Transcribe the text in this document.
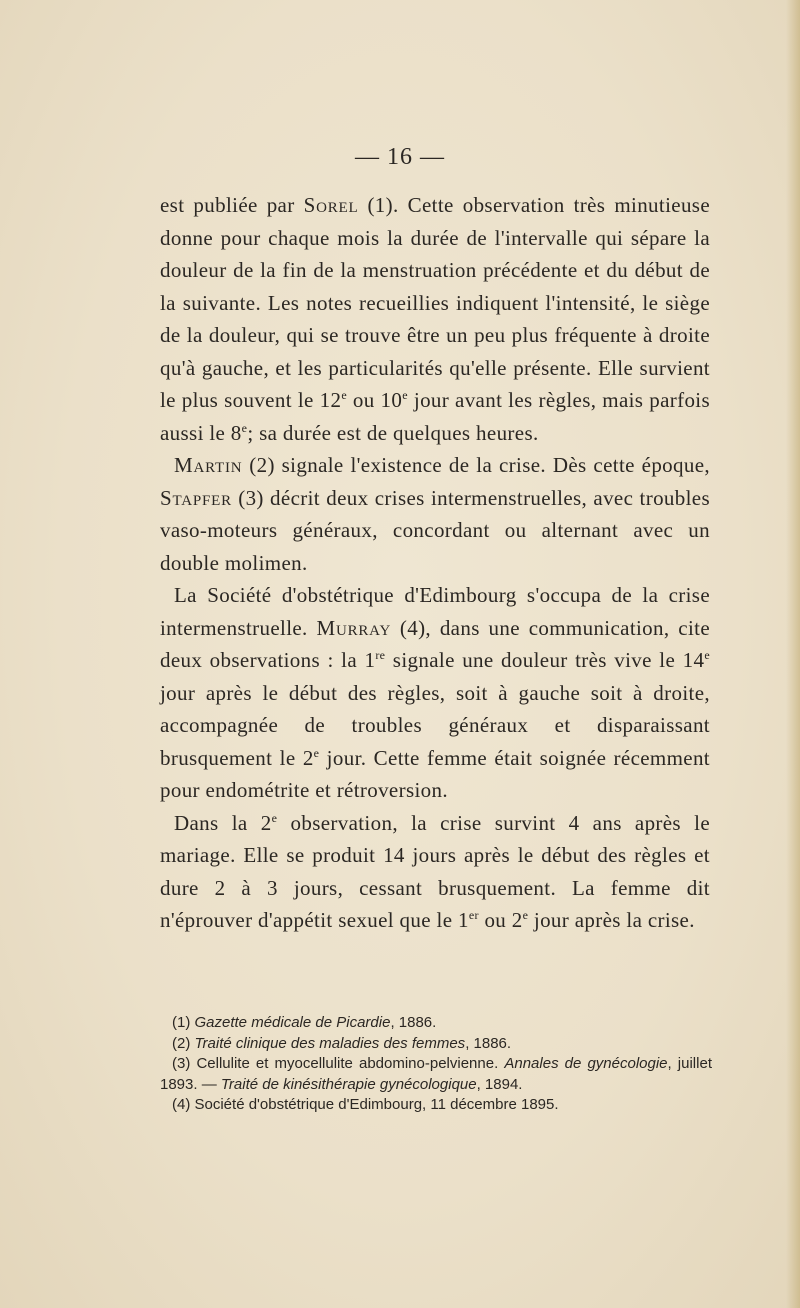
— 16 —

est publiée par Sorel (1). Cette observation très minutieuse donne pour chaque mois la durée de l'intervalle qui sépare la douleur de la fin de la menstruation précédente et du début de la suivante. Les notes recueillies indiquent l'intensité, le siège de la douleur, qui se trouve être un peu plus fréquente à droite qu'à gauche, et les particularités qu'elle présente. Elle survient le plus souvent le 12e ou 10e jour avant les règles, mais parfois aussi le 8e; sa durée est de quelques heures.

Martin (2) signale l'existence de la crise. Dès cette époque, Stapfer (3) décrit deux crises intermenstruelles, avec troubles vaso-moteurs généraux, concordant ou alternant avec un double molimen.

La Société d'obstétrique d'Edimbourg s'occupa de la crise intermenstruelle. Murray (4), dans une communication, cite deux observations : la 1re signale une douleur très vive le 14e jour après le début des règles, soit à gauche soit à droite, accompagnée de troubles généraux et disparaissant brusquement le 2e jour. Cette femme était soignée récemment pour endométrite et rétroversion.

Dans la 2e observation, la crise survint 4 ans après le mariage. Elle se produit 14 jours après le début des règles et dure 2 à 3 jours, cessant brusquement. La femme dit n'éprouver d'appétit sexuel que le 1er ou 2e jour après la crise.

(1) Gazette médicale de Picardie, 1886.

(2) Traité clinique des maladies des femmes, 1886.

(3) Cellulite et myocellulite abdomino-pelvienne. Annales de gynécologie, juillet 1893. — Traité de kinésithérapie gynécologique, 1894.

(4) Société d'obstétrique d'Edimbourg, 11 décembre 1895.
